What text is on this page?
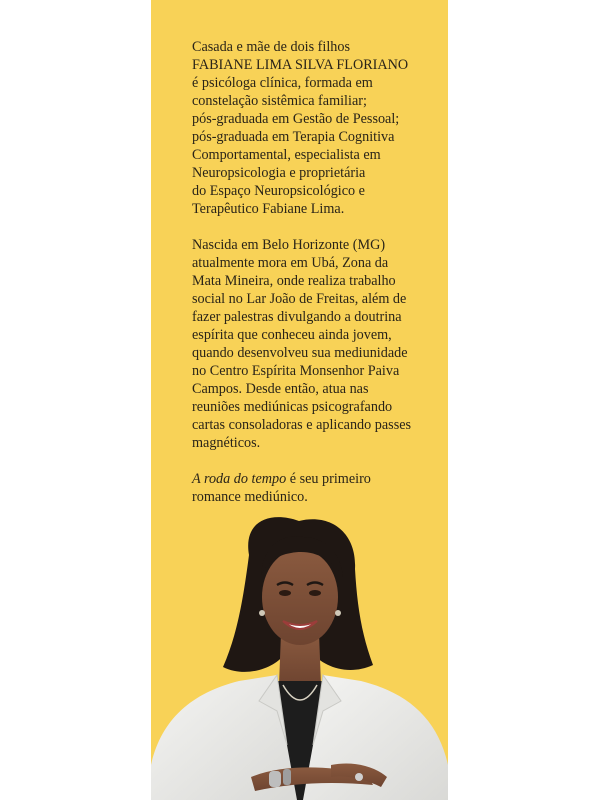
Casada e mãe de dois filhos
FABIANE LIMA SILVA FLORIANO
é psicóloga clínica, formada em
constelação sistêmica familiar;
pós-graduada em Gestão de Pessoal;
pós-graduada em Terapia Cognitiva
Comportamental, especialista em
Neuropsicologia e proprietária
do Espaço Neuropsicológico e
Terapêutico Fabiane Lima.

Nascida em Belo Horizonte (MG)
atualmente mora em Ubá, Zona da
Mata Mineira, onde realiza trabalho
social no Lar João de Freitas, além de
fazer palestras divulgando a doutrina
espírita que conheceu ainda jovem,
quando desenvolveu sua mediunidade
no Centro Espírita Monsenhor Paiva
Campos. Desde então, atua nas
reuniões mediúnicas psicografando
cartas consoladoras e aplicando passes
magnéticos.

A roda do tempo é seu primeiro
romance mediúnico.
